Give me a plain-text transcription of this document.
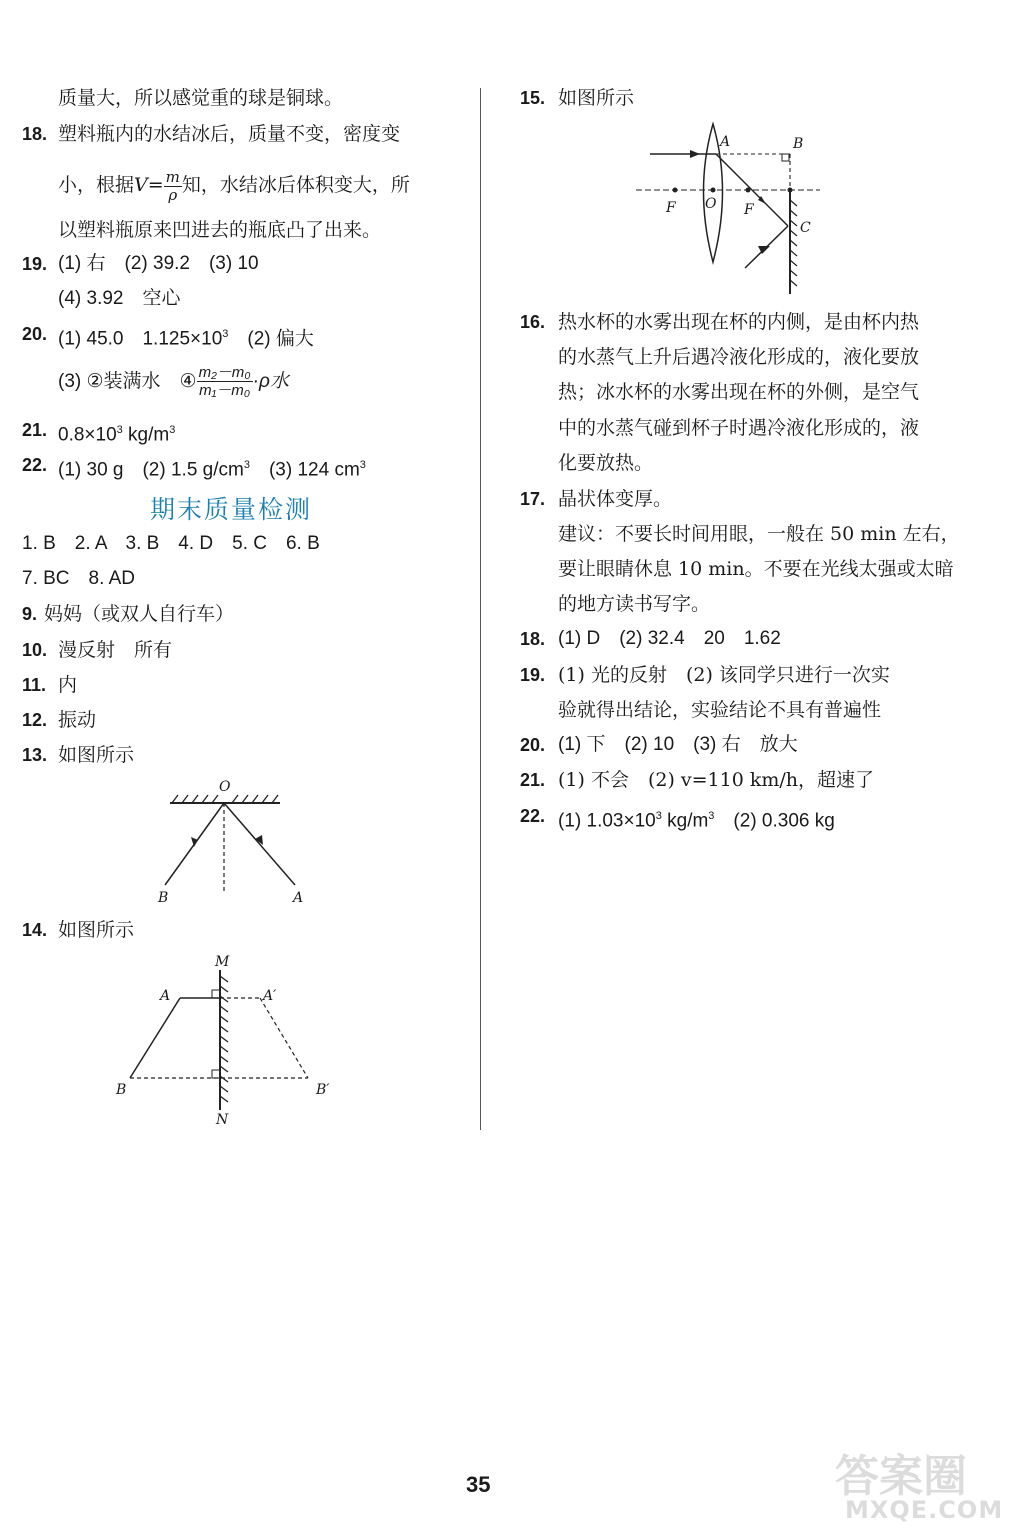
质量大，所以感觉重的球是铜球。
18. 塑料瓶内的水结冰后，质量不变，密度变
小，根据$V= \frac{m}{\rho}$ 知，水结冰后体积变大，所
以塑料瓶原来凹进去的瓶底凸了出来。
19. (1) 右　(2) 39.2　(3) 10
(4) 3.92　空心
20. (1) 45.0　$1.125\times 10^3$　(2) 偏大
(3) ②装满水　④ $\frac{\text{m₂－m₀}}{\text{m₁－m₀}} \cdot\rho$水
21. $0.8\times 10^3$ $kg/m^3$
22. (1) 30 g　(2) 1.5 $g/cm^3$　(3) 124 $cm^3$
期末质量检测
1. B　2. A　3. B　4. D　5. C　6. B
7. BC　8. AD
9. 妈妈（或双人自行车）
10. 漫反射　所有
11. 内
12. 振动
13. 如图所示
O
A
B
14. 如图所示
M
N
A	A′
B	B′
15. 如图所示
A	B
C
F O F
16. 热水杯的水雾出现在杯的内侧，是由杯内热
的水蒸气上升后遇冷液化形成的，液化要放
热；冰水杯的水雾出现在杯的外侧，是空气
中的水蒸气碰到杯子时遇冷液化形成的，液
化要放热。
17. 晶状体变厚。
建议：不要长时间用眼，一般在 50 min 左右，
要让眼睛休息 10 min。不要在光线太强或太暗
的地方读书写字。
18. (1) D　(2) 32.4　20　1.62
19. (1) 光的反射　(2) 该同学只进行一次实
验就得出结论，实验结论不具有普遍性
20. (1) 下　(2) 10　(3) 右　放大
21. (1) 不会　(2) v=110 km/h，超速了
22. (1) $1.03\times 10^3$ $kg/m^3$　(2) 0.306 kg
35	答案圈
MXQE.COM
